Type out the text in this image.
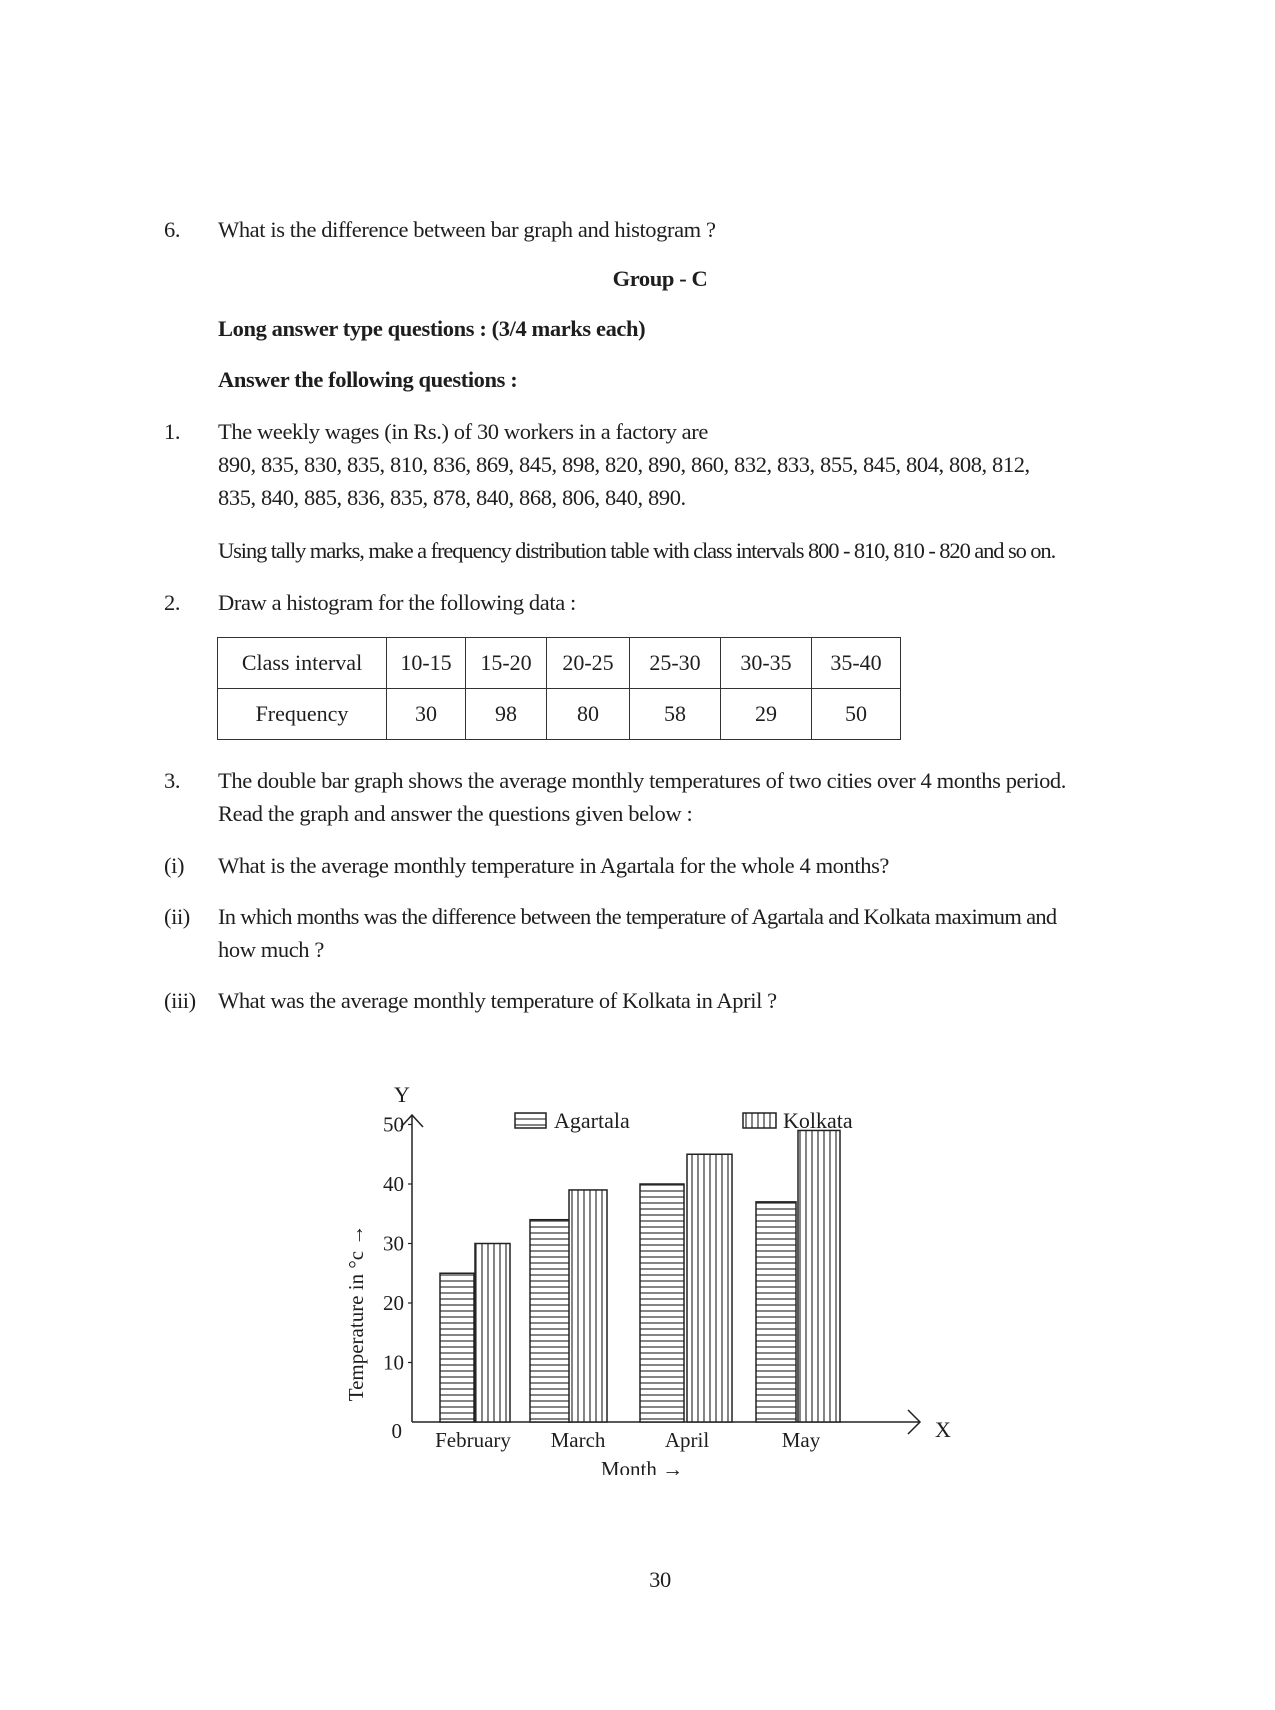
6. What is the difference between bar graph and histogram ?
Group - C
Long answer type questions : (3/4 marks each)
Answer the following questions :
1. The weekly wages (in Rs.) of 30 workers in a factory are
890, 835, 830, 835, 810, 836, 869, 845, 898, 820, 890, 860, 832, 833, 855, 845, 804, 808, 812,
835, 840, 885, 836, 835, 878, 840, 868, 806, 840, 890.
Using tally marks, make a frequency distribution table with class intervals 800 - 810, 810 - 820 and so on.
2. Draw a histogram for the following data :
Class interval	10-15	15-20	20-25	25-30	30-35	35-40
Frequency	30	98	80	58	29	50
3. The double bar graph shows the average monthly temperatures of two cities over 4 months period.
Read the graph and answer the questions given below :
(i) What is the average monthly temperature in Agartala for the whole 4 months?
(ii) In which months was the difference between the temperature of Agartala and Kolkata maximum and
how much ?
(iii) What was the average monthly temperature of Kolkata in April ?
10
20
30
40
50
0
Y
X
Temperature in °c →
Month →
February March	April	May
Agartala	Kolkata
30
